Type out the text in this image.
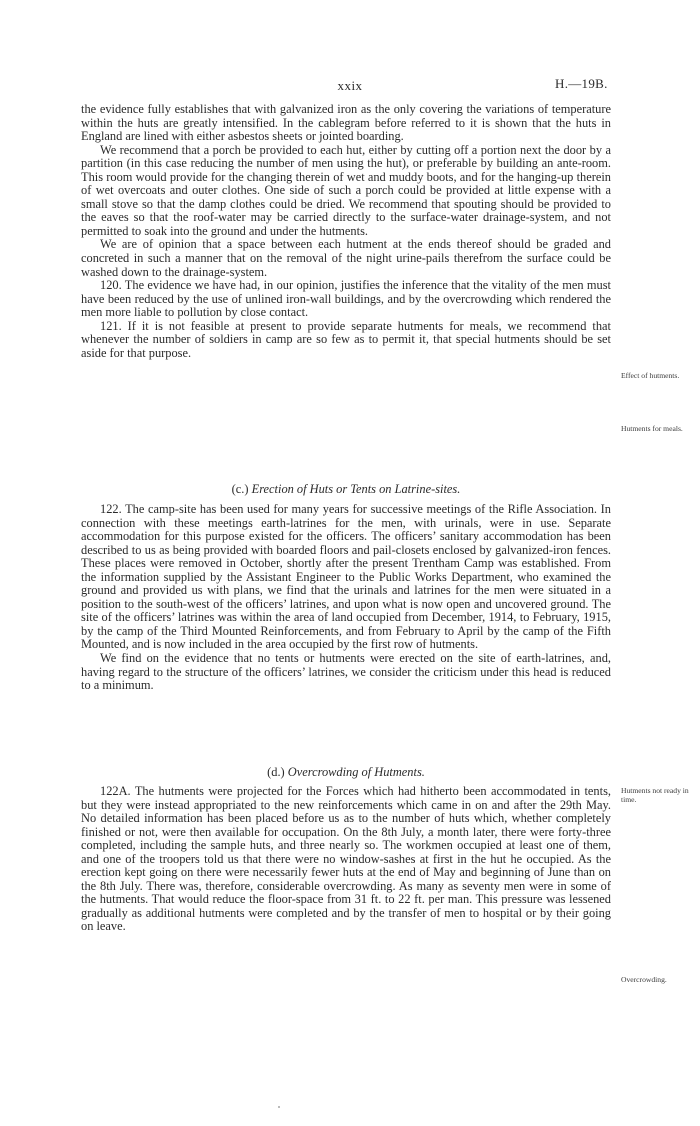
xxix	H.—19B.

the evidence fully establishes that with galvanized iron as the only covering the variations of temperature within the huts are greatly intensified. In the cablegram before referred to it is shown that the huts in England are lined with either asbestos sheets or jointed boarding.

We recommend that a porch be provided to each hut, either by cutting off a portion next the door by a partition (in this case reducing the number of men using the hut), or preferable by building an ante-room. This room would provide for the changing therein of wet and muddy boots, and for the hanging-up therein of wet overcoats and outer clothes. One side of such a porch could be provided at little expense with a small stove so that the damp clothes could be dried. We recommend that spouting should be provided to the eaves so that the roof-water may be carried directly to the surface-water drainage-system, and not permitted to soak into the ground and under the hutments.

We are of opinion that a space between each hutment at the ends thereof should be graded and concreted in such a manner that on the removal of the night urine-pails therefrom the surface could be washed down to the drainage-system.

120. The evidence we have had, in our opinion, justifies the inference that the vitality of the men must have been reduced by the use of unlined iron-wall buildings, and by the overcrowding which rendered the men more liable to pollution by close contact.

121. If it is not feasible at present to provide separate hutments for meals, we recommend that whenever the number of soldiers in camp are so few as to permit it, that special hutments should be set aside for that purpose.

(c.) Erection of Huts or Tents on Latrine-sites.

122. The camp-site has been used for many years for successive meetings of the Rifle Association. In connection with these meetings earth-latrines for the men, with urinals, were in use. Separate accommodation for this purpose existed for the officers. The officers’ sanitary accommodation has been described to us as being provided with boarded floors and pail-closets enclosed by galvanized-iron fences. These places were removed in October, shortly after the present Trentham Camp was established. From the information supplied by the Assistant Engineer to the Public Works Department, who examined the ground and provided us with plans, we find that the urinals and latrines for the men were situated in a position to the south-west of the officers’ latrines, and upon what is now open and uncovered ground. The site of the officers’ latrines was within the area of land occupied from December, 1914, to February, 1915, by the camp of the Third Mounted Reinforcements, and from February to April by the camp of the Fifth Mounted, and is now included in the area occupied by the first row of hutments.

We find on the evidence that no tents or hutments were erected on the site of earth-latrines, and, having regard to the structure of the officers’ latrines, we consider the criticism under this head is reduced to a minimum.

(d.) Overcrowding of Hutments.

122A. The hutments were projected for the Forces which had hitherto been accommodated in tents, but they were instead appropriated to the new reinforcements which came in on and after the 29th May. No detailed information has been placed before us as to the number of huts which, whether completely finished or not, were then available for occupation. On the 8th July, a month later, there were forty-three completed, including the sample huts, and three nearly so. The workmen occupied at least one of them, and one of the troopers told us that there were no window-sashes at first in the hut he occupied. As the erection kept going on there were necessarily fewer huts at the end of May and beginning of June than on the 8th July. There was, therefore, considerable overcrowding. As many as seventy men were in some of the hutments. That would reduce the floor-space from 31 ft. to 22 ft. per man. This pressure was lessened gradually as additional hutments were completed and by the transfer of men to hospital or by their going on leave.

Effect of hutments.
Hutments for meals.
Hutments not ready in time.
Overcrowding.
